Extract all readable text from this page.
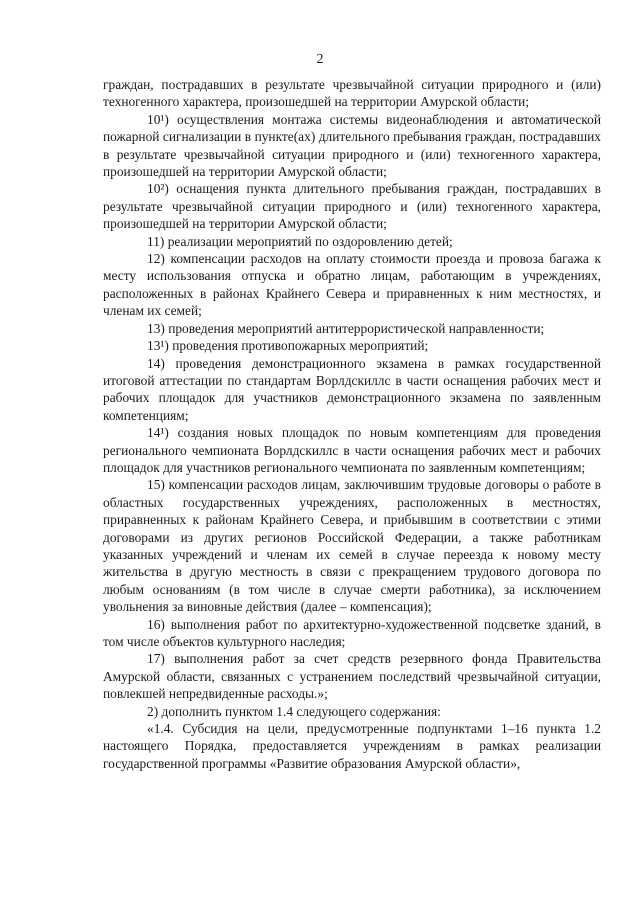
2

граждан, пострадавших в результате чрезвычайной ситуации природного и (или) техногенного характера, произошедшей на территории Амурской области;

10¹) осуществления монтажа системы видеонаблюдения и автоматической пожарной сигнализации в пункте(ах) длительного пребывания граждан, пострадавших в результате чрезвычайной ситуации природного и (или) техногенного характера, произошедшей на территории Амурской области;

10²) оснащения пункта длительного пребывания граждан, пострадавших в результате чрезвычайной ситуации природного и (или) техногенного характера, произошедшей на территории Амурской области;

11) реализации мероприятий по оздоровлению детей;

12) компенсации расходов на оплату стоимости проезда и провоза багажа к месту использования отпуска и обратно лицам, работающим в учреждениях, расположенных в районах Крайнего Севера и приравненных к ним местностях, и членам их семей;

13) проведения мероприятий антитеррористической направленности;

13¹) проведения противопожарных мероприятий;

14) проведения демонстрационного экзамена в рамках государственной итоговой аттестации по стандартам Ворлдскиллс в части оснащения рабочих мест и рабочих площадок для участников демонстрационного экзамена по заявленным компетенциям;

14¹) создания новых площадок по новым компетенциям для проведения регионального чемпионата Ворлдскиллс в части оснащения рабочих мест и рабочих площадок для участников регионального чемпионата по заявленным компетенциям;

15) компенсации расходов лицам, заключившим трудовые договоры о работе в областных государственных учреждениях, расположенных в местностях, приравненных к районам Крайнего Севера, и прибывшим в соответствии с этими договорами из других регионов Российской Федерации, а также работникам указанных учреждений и членам их семей в случае переезда к новому месту жительства в другую местность в связи с прекращением трудового договора по любым основаниям (в том числе в случае смерти работника), за исключением увольнения за виновные действия (далее – компенсация);

16) выполнения работ по архитектурно-художественной подсветке зданий, в том числе объектов культурного наследия;

17) выполнения работ за счет средств резервного фонда Правительства Амурской области, связанных с устранением последствий чрезвычайной ситуации, повлекшей непредвиденные расходы.»;

2) дополнить пунктом 1.4 следующего содержания:

«1.4. Субсидия на цели, предусмотренные подпунктами 1–16 пункта 1.2 настоящего Порядка, предоставляется учреждениям в рамках реализации государственной программы «Развитие образования Амурской области»,
